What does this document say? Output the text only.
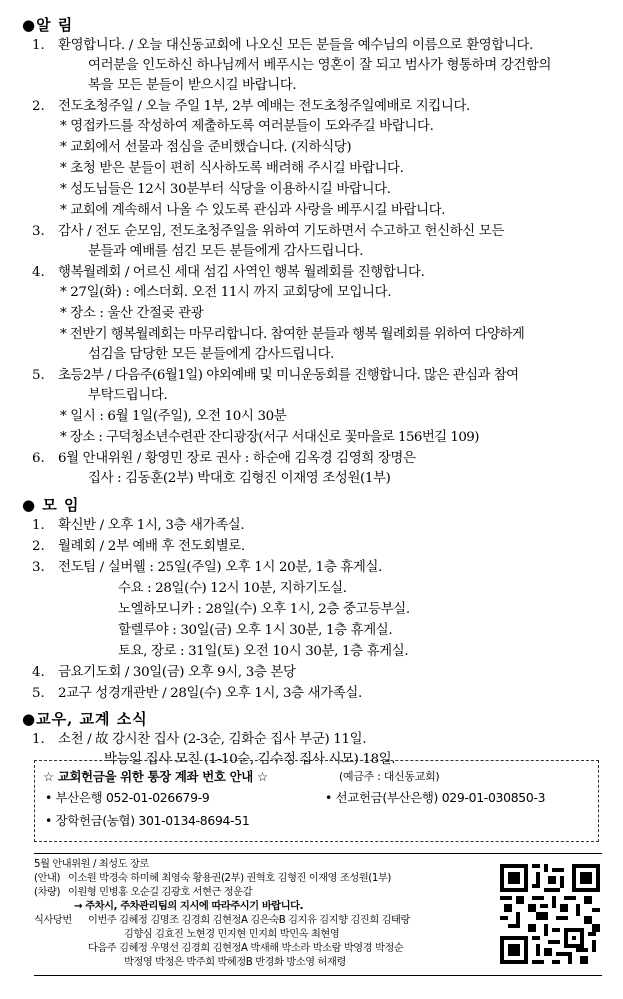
●알 림
1. 환영합니다. / 오늘 대신동교회에 나오신 모든 분들을 예수님의 이름으로 환영합니다.
여러분을 인도하신 하나님께서 베푸시는 영혼이 잘 되고 범사가 형통하며 강건함의
복을 모든 분들이 받으시길 바랍니다.
2. 전도초청주일 / 오늘 주일 1부, 2부 예배는 전도초청주일예배로 지킵니다.
* 영접카드를 작성하여 제출하도록 여러분들이 도와주길 바랍니다.
* 교회에서 선물과 점심을 준비했습니다. (지하식당)
* 초청 받은 분들이 편히 식사하도록 배려해 주시길 바랍니다.
* 성도님들은 12시 30분부터 식당을 이용하시길 바랍니다.
* 교회에 계속해서 나올 수 있도록 관심과 사랑을 베푸시길 바랍니다.
3. 감사 / 전도 순모임, 전도초청주일을 위하여 기도하면서 수고하고 헌신하신 모든
분들과 예배를 섬긴 모든 분들에게 감사드립니다.
4. 행복월례회 / 어르신 세대 섬김 사역인 행복 월례회를 진행합니다.
* 27일(화) : 에스더회. 오전 11시 까지 교회당에 모입니다.
* 장소 : 울산 간절곶 관광
* 전반기 행복월례회는 마무리합니다. 참여한 분들과 행복 월례회를 위하여 다양하게
섬김을 담당한 모든 분들에게 감사드립니다.
5. 초등2부 / 다음주(6월1일) 야외예배 및 미니운동회를 진행합니다. 많은 관심과 참여
부탁드립니다.
* 일시 : 6월 1일(주일), 오전 10시 30분
* 장소 : 구덕청소년수련관 잔디광장(서구 서대신로 꽃마을로 156번길 109)
6. 6월 안내위원 / 황영민 장로 권사 : 하순애 김옥경 김영희 장명은
집사 : 김동훈(2부) 박대호 김형진 이재영 조성원(1부)
● 모 임
1. 확신반 / 오후 1시, 3층 새가족실.
2. 월례회 / 2부 예배 후 전도회별로.
3. 전도팀 / 실버웰 : 25일(주일) 오후 1시 20분, 1층 휴게실.
수요 : 28일(수) 12시 10분, 지하기도실.
노엘하모니카 : 28일(수) 오후 1시, 2층 중고등부실.
할렐루야 : 30일(금) 오후 1시 30분, 1층 휴게실.
토요, 장로 : 31일(토) 오전 10시 30분, 1층 휴게실.
4. 금요기도회 / 30일(금) 오후 9시, 3층 본당
5. 2교구 성경개관반 / 28일(수) 오후 1시, 3층 새가족실.
●교우, 교계 소식
1. 소천 / 故 강시찬 집사 (2-3순, 김화순 집사 부군) 11일.
박능일 집사 모친 (1-10순, 김수정 집사 시모) 18일.
☆ 교회헌금을 위한 통장 계좌 번호 안내 ☆	(예금주 : 대신동교회)
• 부산은행 052-01-026679-9	• 선교헌금(부산은행) 029-01-030850-3
• 장학헌금(농협) 301-0134-8694-51
5월 안내위원 / 최성도 장로
(안내) 이소원 박경숙 하미혜 최영숙 황용권(2부) 권혁호 김형진 이재영 조성원(1부)
(차량) 이원형 민병홍 오순길 김광호 서현근 정운갑
→ 주차시, 주차관리팀의 지시에 따라주시기 바랍니다.
식사당번 이번주 김혜정 김명조 김경희 김현정A 김은숙B 김지유 김지향 김진희 김태랑
김향심 김효진 노현경 민지현 민지희 박민옥 최현영
다음주 김혜정 우명선 김경희 김현정A 박새해 박소라 박소람 박영경 박정순
박정영 박정은 박주희 박혜정B 반경화 방소영 허재령
